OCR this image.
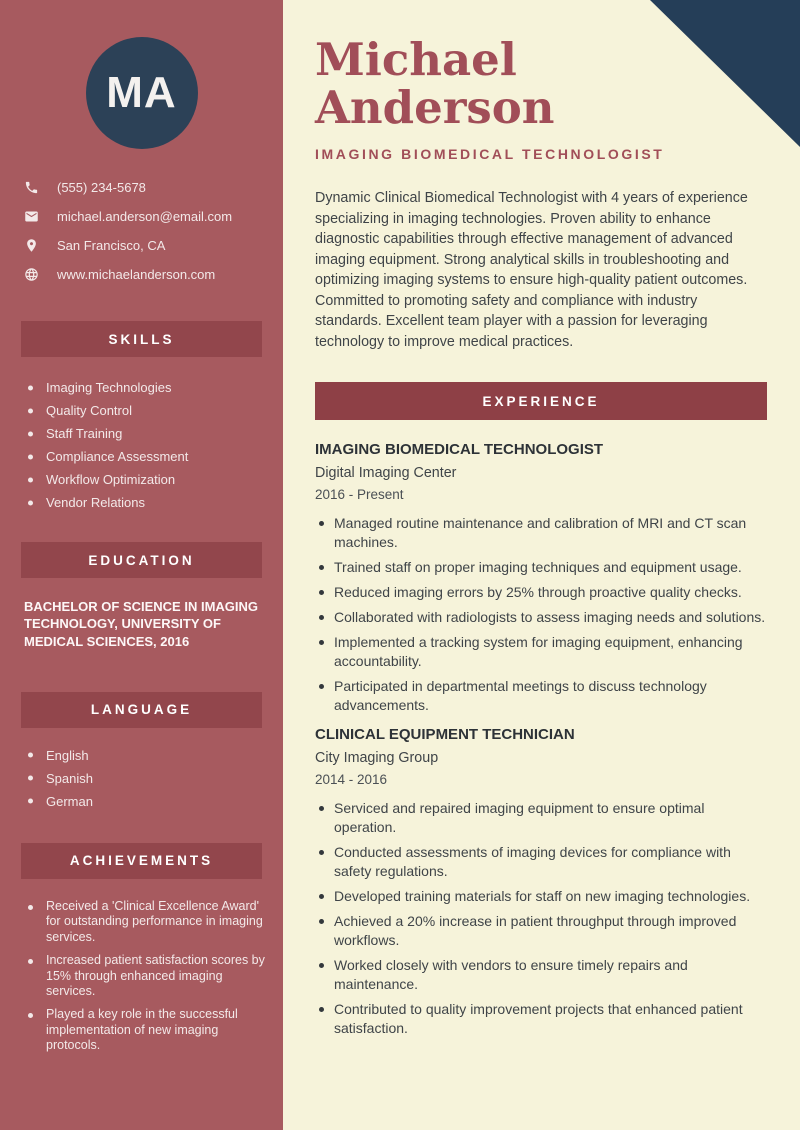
MA
(555) 234-5678
michael.anderson@email.com
San Francisco, CA
www.michaelanderson.com
SKILLS
Imaging Technologies
Quality Control
Staff Training
Compliance Assessment
Workflow Optimization
Vendor Relations
EDUCATION
BACHELOR OF SCIENCE IN IMAGING TECHNOLOGY, UNIVERSITY OF MEDICAL SCIENCES, 2016
LANGUAGE
English
Spanish
German
ACHIEVEMENTS
Received a 'Clinical Excellence Award' for outstanding performance in imaging services.
Increased patient satisfaction scores by 15% through enhanced imaging services.
Played a key role in the successful implementation of new imaging protocols.
Michael Anderson
IMAGING BIOMEDICAL TECHNOLOGIST

Dynamic Clinical Biomedical Technologist with 4 years of experience specializing in imaging technologies. Proven ability to enhance diagnostic capabilities through effective management of advanced imaging equipment. Strong analytical skills in troubleshooting and optimizing imaging systems to ensure high-quality patient outcomes. Committed to promoting safety and compliance with industry standards. Excellent team player with a passion for leveraging technology to improve medical practices.

EXPERIENCE
IMAGING BIOMEDICAL TECHNOLOGIST
Digital Imaging Center
2016 - Present
Managed routine maintenance and calibration of MRI and CT scan machines.
Trained staff on proper imaging techniques and equipment usage.
Reduced imaging errors by 25% through proactive quality checks.
Collaborated with radiologists to assess imaging needs and solutions.
Implemented a tracking system for imaging equipment, enhancing accountability.
Participated in departmental meetings to discuss technology advancements.
CLINICAL EQUIPMENT TECHNICIAN
City Imaging Group
2014 - 2016
Serviced and repaired imaging equipment to ensure optimal operation.
Conducted assessments of imaging devices for compliance with safety regulations.
Developed training materials for staff on new imaging technologies.
Achieved a 20% increase in patient throughput through improved workflows.
Worked closely with vendors to ensure timely repairs and maintenance.
Contributed to quality improvement projects that enhanced patient satisfaction.
